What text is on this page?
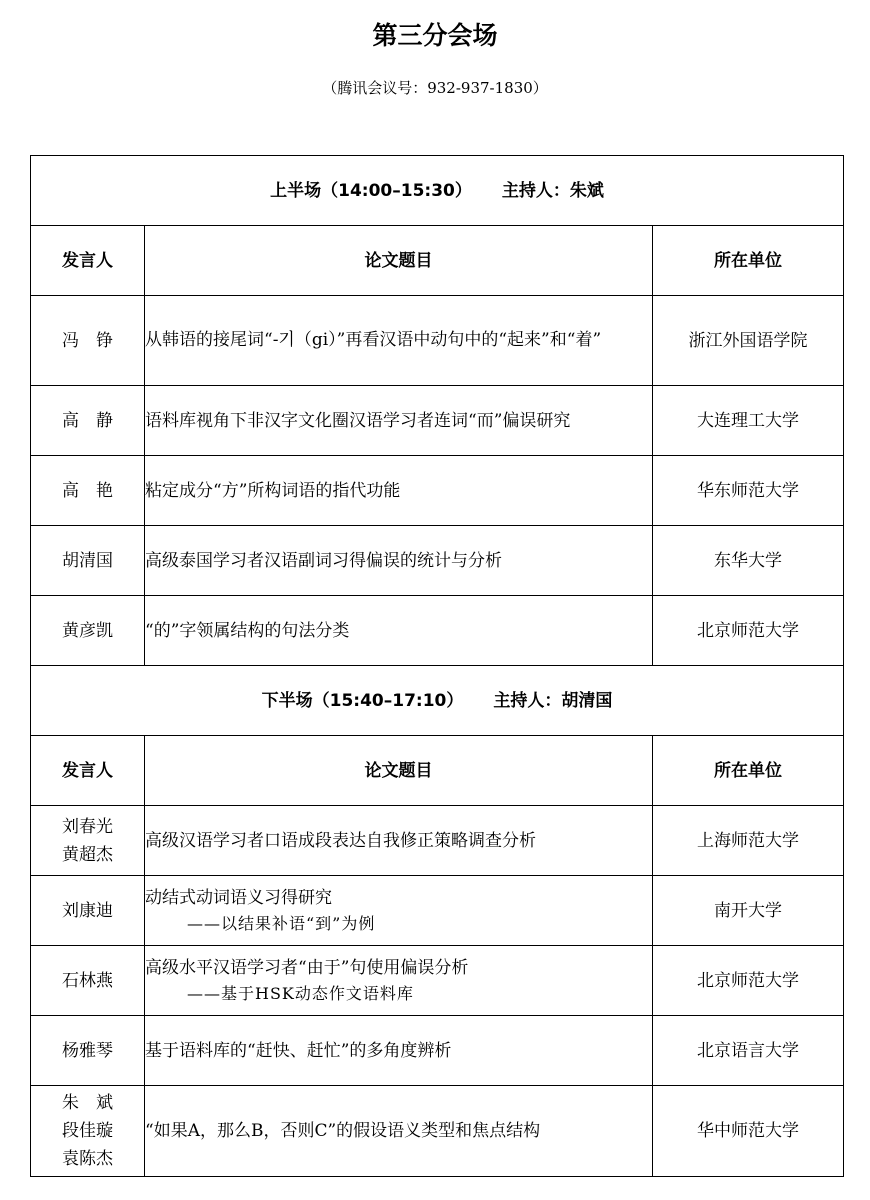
第三分会场
（腾讯会议号：932-937-1830）
上半场（14:00–15:30） 主持人：朱斌		
发言人	论文题目	所在单位

冯　铮	从韩语的接尾词“-기（gi）”再看汉语中动句中的“起来”和“着”	浙江外国语学院

高　静	语料库视角下非汉字文化圈汉语学习者连词“而”偏误研究	大连理工大学

高　艳	粘定成分“方”所构词语的指代功能	华东师范大学

胡清国	高级泰国学习者汉语副词习得偏误的统计与分析	东华大学

黄彦凯	“的”字领属结构的句法分类	北京师范大学
下半场（15:40–17:10） 主持人：胡清国		
发言人	论文题目	所在单位

刘春光
黄超杰	高级汉语学习者口语成段表达自我修正策略调查分析	上海师范大学

刘康迪	动结式动词语义习得研究
——以结果补语“到”为例	南开大学

石林燕	高级水平汉语学习者“由于”句使用偏误分析
——基于HSK动态作文语料库	北京师范大学

杨雅琴	基于语料库的“赶快、赶忙”的多角度辨析	北京语言大学

朱　斌
段佳璇
袁陈杰	“如果A，那么B，否则C”的假设语义类型和焦点结构	华中师范大学
